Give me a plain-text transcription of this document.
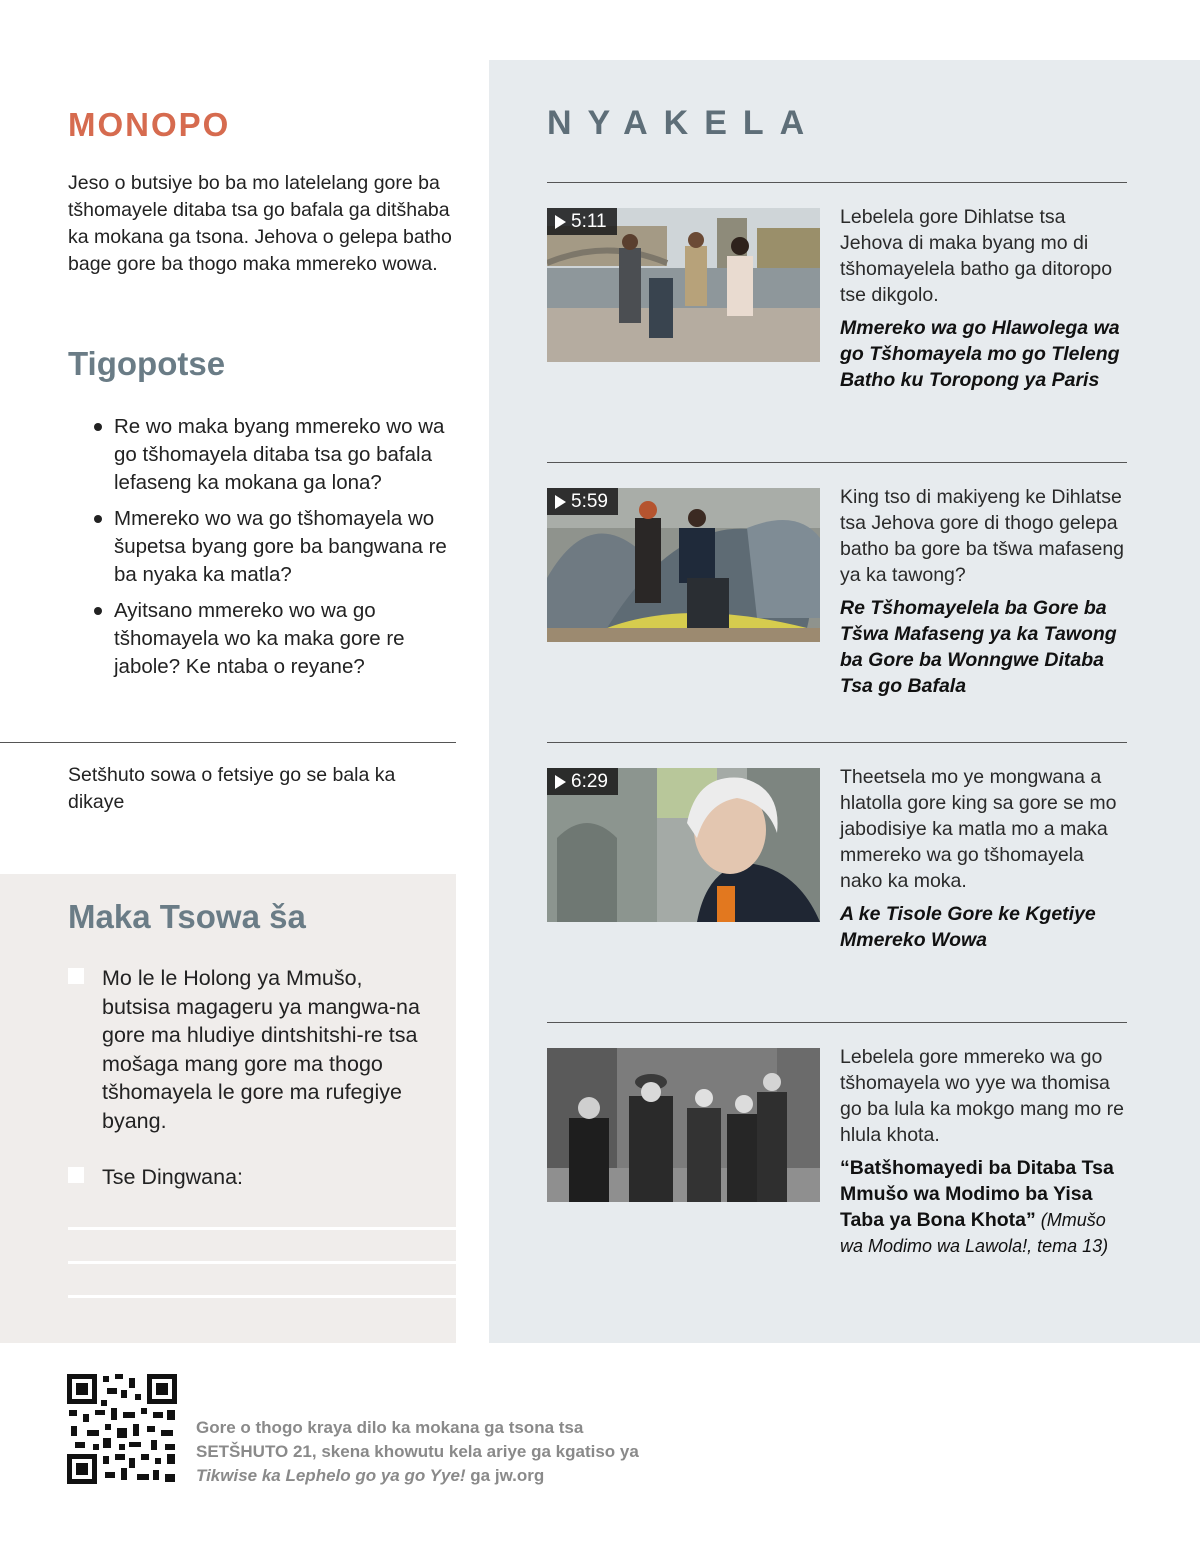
NYAKELA
5:11	Lebelela gore Dihlatse tsa Jehova di maka byang mo di tšhomayelela batho ga ditoropo tse dikgolo.
Mmereko wa go Hlawolega wa go Tšhomayela mo go Tleleng Batho ku Toropong ya Paris
5:59	King tso di makiyeng ke Dihlatse tsa Jehova gore di thogo gelepa batho ba gore ba tšwa mafaseng ya ka tawong?
Re Tšhomayelela ba Gore ba Tšwa Mafaseng ya ka Tawong ba Gore ba Wonngwe Ditaba Tsa go Bafala
6:29	Theetsela mo ye mongwana a hlatolla gore king sa gore se mo jabodisiye ka matla mo a maka mmereko wa go tšhomayela nako ka moka.
A ke Tisole Gore ke Kgetiye Mmereko Wowa
Lebelela gore mmereko wa go tšhomayela wo yye wa thomisa go ba lula ka mokgo mang mo re hlula khota.
“Batšhomayedi ba Ditaba Tsa Mmušo wa Modimo ba Yisa Taba ya Bona Khota” (Mmušo wa Modimo wa Lawola!, tema 13)
MONOPO

Jeso o butsiye bo ba mo latelelang gore ba tšhomayele ditaba tsa go bafala ga ditšhaba ka mokana ga tsona. Jehova o gelepa batho bage gore ba thogo maka mmereko wowa.

Tigopotse
Re wo maka byang mmereko wo wa go tšhomayela ditaba tsa go bafala lefaseng ka mokana ga lona?
Mmereko wo wa go tšhomayela wo šupetsa byang gore ba bangwana re ba nyaka ka matla?
Ayitsano mmereko wo wa go tšhomayela wo ka maka gore re jabole? Ke ntaba o reyane?

Setšhuto sowa o fetsiye go se bala ka dikaye

Maka Tsowa ša
Mo le le Holong ya Mmušo, butsisa magageru ya mangwa-na gore ma hludiye dintshitshi-re tsa mošaga mang gore ma thogo tšhomayela le gore ma rufegiye byang.
Tse Dingwana:
Gore o thogo kraya dilo ka mokana ga tsona tsa
SETŠHUTO 21, skena khowutu kela ariye ga kgatiso ya
Tikwise ka Lephelo go ya go Yye! ga jw.org
